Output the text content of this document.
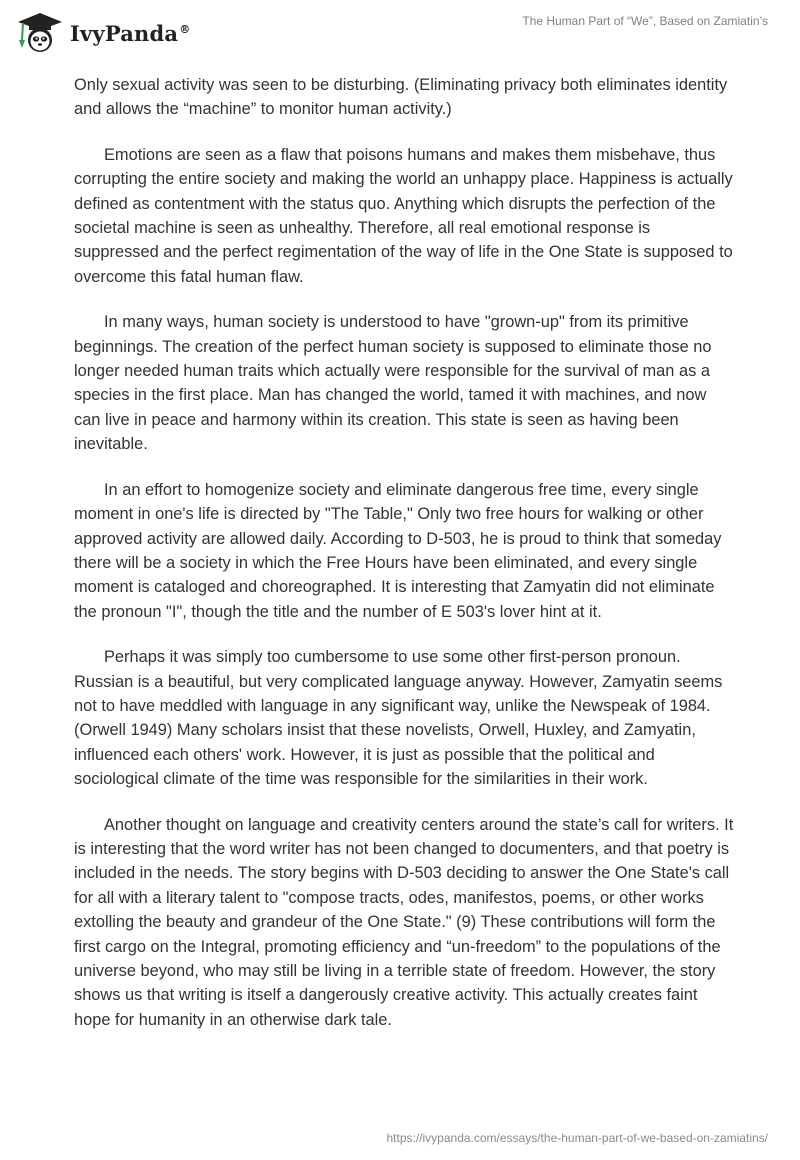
IvyPanda®
The Human Part of “We”, Based on Zamiatin’s

Only sexual activity was seen to be disturbing. (Eliminating privacy both eliminates identity and allows the “machine” to monitor human activity.)

Emotions are seen as a flaw that poisons humans and makes them misbehave, thus corrupting the entire society and making the world an unhappy place. Happiness is actually defined as contentment with the status quo. Anything which disrupts the perfection of the societal machine is seen as unhealthy. Therefore, all real emotional response is suppressed and the perfect regimentation of the way of life in the One State is supposed to overcome this fatal human flaw.

In many ways, human society is understood to have "grown-up" from its primitive beginnings. The creation of the perfect human society is supposed to eliminate those no longer needed human traits which actually were responsible for the survival of man as a species in the first place. Man has changed the world, tamed it with machines, and now can live in peace and harmony within its creation. This state is seen as having been inevitable.

In an effort to homogenize society and eliminate dangerous free time, every single moment in one's life is directed by "The Table," Only two free hours for walking or other approved activity are allowed daily. According to D-503, he is proud to think that someday there will be a society in which the Free Hours have been eliminated, and every single moment is cataloged and choreographed. It is interesting that Zamyatin did not eliminate the pronoun "I", though the title and the number of E 503's lover hint at it.

Perhaps it was simply too cumbersome to use some other first-person pronoun. Russian is a beautiful, but very complicated language anyway. However, Zamyatin seems not to have meddled with language in any significant way, unlike the Newspeak of 1984. (Orwell 1949) Many scholars insist that these novelists, Orwell, Huxley, and Zamyatin, influenced each others' work. However, it is just as possible that the political and sociological climate of the time was responsible for the similarities in their work.

Another thought on language and creativity centers around the state’s call for writers. It is interesting that the word writer has not been changed to documenters, and that poetry is included in the needs. The story begins with D-503 deciding to answer the One State's call for all with a literary talent to "compose tracts, odes, manifestos, poems, or other works extolling the beauty and grandeur of the One State." (9) These contributions will form the first cargo on the Integral, promoting efficiency and “un-freedom” to the populations of the universe beyond, who may still be living in a terrible state of freedom. However, the story shows us that writing is itself a dangerously creative activity. This actually creates faint hope for humanity in an otherwise dark tale.

https://ivypanda.com/essays/the-human-part-of-we-based-on-zamiatins/
